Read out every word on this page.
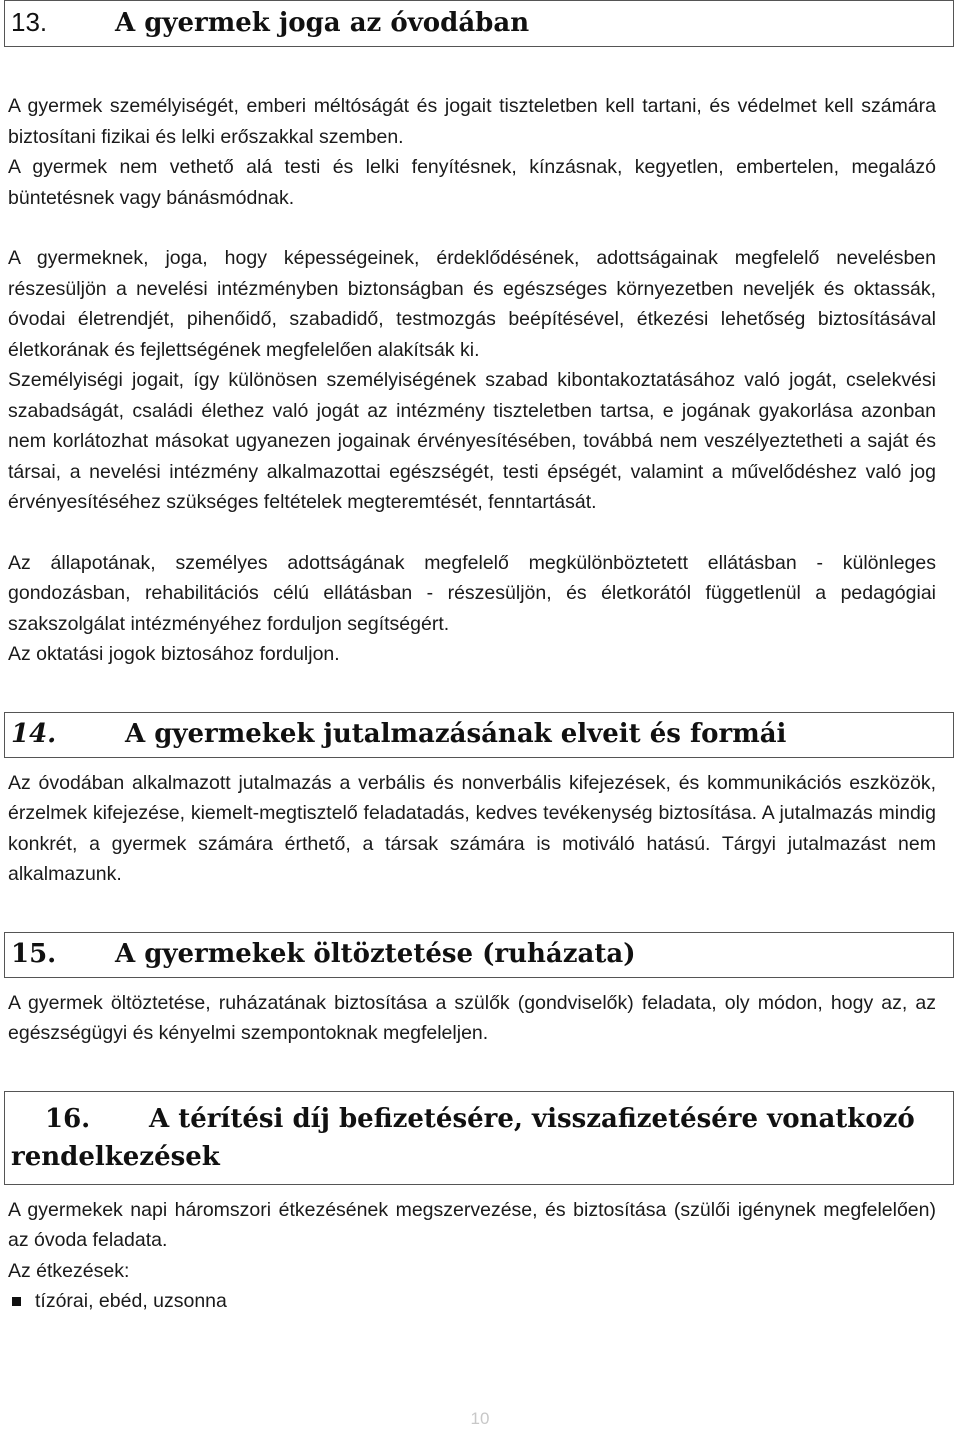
13.	A gyermek joga az óvodában

A gyermek személyiségét, emberi méltóságát és jogait tiszteletben kell tartani, és védelmet kell számára biztosítani fizikai és lelki erőszakkal szemben.

A gyermek nem vethető alá testi és lelki fenyítésnek, kínzásnak, kegyetlen, embertelen, megalázó büntetésnek vagy bánásmódnak.

A gyermeknek, joga, hogy képességeinek, érdeklődésének, adottságainak megfelelő nevelésben részesüljön a nevelési intézményben biztonságban és egészséges környezetben neveljék és oktassák, óvodai életrendjét, pihenőidő, szabadidő, testmozgás beépítésével, étkezési lehetőség biztosításával életkorának és fejlettségének megfelelően alakítsák ki.

Személyiségi jogait, így különösen személyiségének szabad kibontakoztatásához való jogát, cselekvési szabadságát, családi élethez való jogát az intézmény tiszteletben tartsa, e jogának gyakorlása azonban nem korlátozhat másokat ugyanezen jogainak érvényesítésében, továbbá nem veszélyeztetheti a saját és társai, a nevelési intézmény alkalmazottai egészségét, testi épségét, valamint a művelődéshez való jog érvényesítéséhez szükséges feltételek megteremtését, fenntartását.

Az állapotának, személyes adottságának megfelelő megkülönböztetett ellátásban - különleges gondozásban, rehabilitációs célú ellátásban - részesüljön, és életkorától függetlenül a pedagógiai szakszolgálat intézményéhez forduljon segítségért.

Az oktatási jogok biztosához forduljon.

14.	A gyermekek jutalmazásának elveit és formái

Az óvodában alkalmazott jutalmazás a verbális és nonverbális kifejezések, és kommunikációs eszközök, érzelmek kifejezése, kiemelt-megtisztelő feladatadás, kedves tevékenység biztosítása. A jutalmazás mindig konkrét, a gyermek számára érthető, a társak számára is motiváló hatású. Tárgyi jutalmazást nem alkalmazunk.

15. A gyermekek öltöztetése (ruházata)

A gyermek öltöztetése, ruházatának biztosítása a szülők (gondviselők) feladata, oly módon, hogy az, az egészségügyi és kényelmi szempontoknak megfeleljen.

16. A térítési díj befizetésére, visszafizetésére vonatkozó
rendelkezések

A gyermekek napi háromszori étkezésének megszervezése, és biztosítása (szülői igénynek megfelelően) az óvoda feladata.

Az étkezések:

tízórai, ebéd, uzsonna
10
